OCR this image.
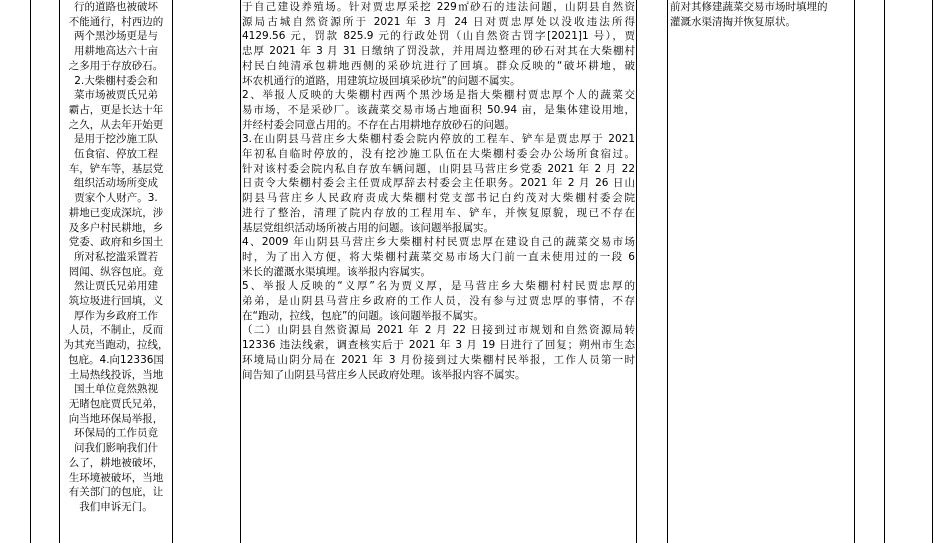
行的道路也被破坏
不能通行，村西边的
两个黑沙场更是与
用耕地高达六十亩
之多用于存放砂石。
2.大柴棚村委会和
菜市场被贾氏兄弟
霸占，更是长达十年
之久，从去年开始更
是用于挖沙施工队
伍食宿、停放工程
车，铲车等，基层党
组织活动场所变成
贾家个人财产。3.
耕地已变成深坑，涉
及多户村民耕地，乡
党委、政府和乡国土
所对私挖滥采置若
罔闻、纵容包庇。竟
然让贾氏兄弟用建
筑垃圾进行回填，义
厚作为乡政府工作
人员，不制止，反而
为其充当跑动，拉线，
包庇。4.向12336国
土局热线投诉，当地
国土单位竟然熟视
无睹包庇贾氏兄弟，
向当地环保局举报，
环保局的工作员竟
问我们影响我们什
么了，耕地被破坏，
生环境被破坏，当地
有关部门的包庇，让
我们申诉无门。
于自己建设养殖场。针对贾忠厚采挖 229㎡砂石的违法问题，山阴县自然资
源局古城自然资源所于 2021 年 3 月 24 日对贾忠厚处以没收违法所得
4129.56 元，罚款 825.9 元的行政处罚（山自然资古罚字[2021]1 号），贾
忠厚 2021 年 3 月 31 日缴纳了罚没款，并用周边整理的砂石对其在大柴棚村
村民白纯清承包耕地西侧的采砂坑进行了回填。群众反映的“破坏耕地，破
坏农机通行的道路，用建筑垃圾回填采砂坑”的问题不属实。
2、举报人反映的大柴棚村西两个黑沙场是指大柴棚村贾忠厚个人的蔬菜交
易市场，不是采砂厂。该蔬菜交易市场占地面积 50.94 亩，是集体建设用地，
并经村委会同意占用的。不存在占用耕地存放砂石的问题。
3.在山阴县马营庄乡大柴棚村委会院内停放的工程车、铲车是贾忠厚于 2021
年初私自临时停放的，没有挖沙施工队伍在大柴棚村委会办公场所食宿过。
针对该村委会院内私自存放车辆问题，山阴县马营庄乡党委 2021 年 2 月 22
日责令大柴棚村委会主任贾成厚辞去村委会主任职务。2021 年 2 月 26 日山
阴县马营庄乡人民政府责成大柴棚村党支部书记白约茂对大柴棚村委会院
进行了整治，清理了院内存放的工程用车、铲车，并恢复原貌，现已不存在
基层党组织活动场所被占用的问题。该问题举报属实。
4、2009 年山阴县马营庄乡大柴棚村村民贾忠厚在建设自己的蔬菜交易市场
时，为了出入方便，将大柴棚村蔬菜交易市场大门前一直未使用过的一段 6
米长的灌溉水渠填埋。该举报内容属实。
5、举报人反映的“义厚”名为贾义厚，是马营庄乡大柴棚村村民贾忠厚的
弟弟，是山阴县马营庄乡政府的工作人员，没有参与过贾忠厚的事情，不存
在“跑动，拉线，包庇”的问题。该问题举报不属实。
（二）山阴县自然资源局 2021 年 2 月 22 日接到过市规划和自然资源局转
12336 违法线索，调查核实后于 2021 年 3 月 19 日进行了回复；朔州市生态
环境局山阴分局在 2021 年 3 月份接到过大柴棚村民举报，工作人员第一时
间告知了山阴县马营庄乡人民政府处理。该举报内容不属实。
前对其修建蔬菜交易市场时填埋的
灌溉水渠清掏并恢复原状。
